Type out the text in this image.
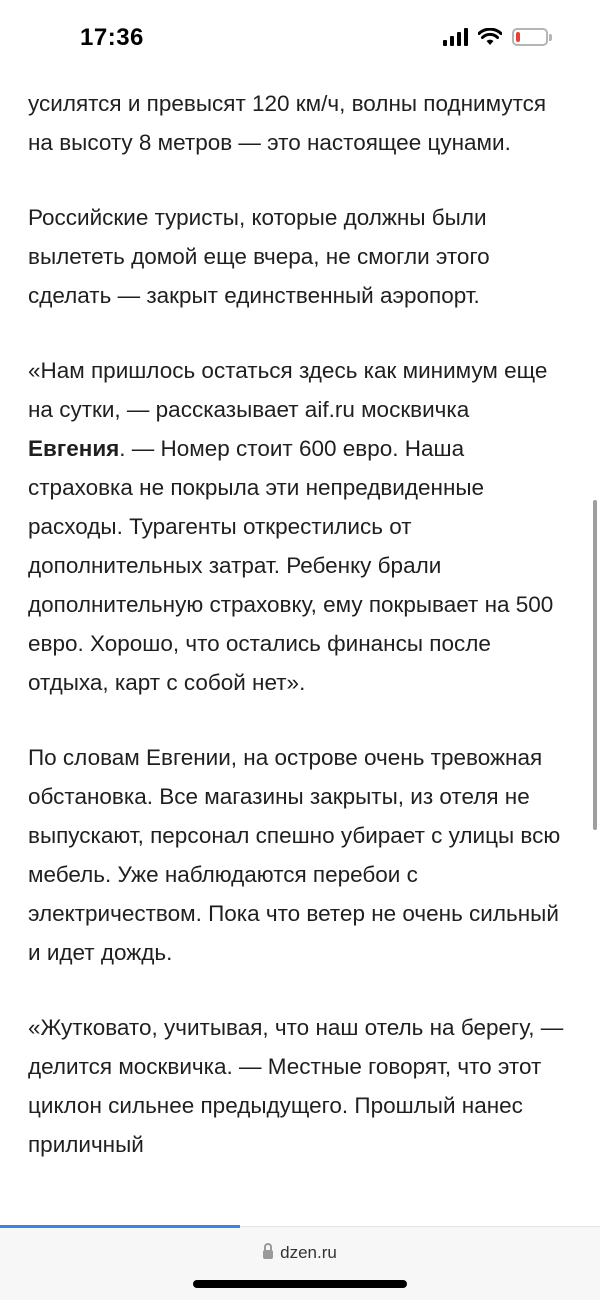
17:36

усилятся и превысят 120 км/ч, волны поднимутся на высоту 8 метров — это настоящее цунами.

Российские туристы, которые должны были вылететь домой еще вчера, не смогли этого сделать — закрыт единственный аэропорт.

«Нам пришлось остаться здесь как минимум еще на сутки, — рассказывает aif.ru москвичка Евгения. — Номер стоит 600 евро. Наша страховка не покрыла эти непредвиденные расходы. Турагенты открестились от дополнительных затрат. Ребенку брали дополнительную страховку, ему покрывает на 500 евро. Хорошо, что остались финансы после отдыха, карт с собой нет».

По словам Евгении, на острове очень тревожная обстановка. Все магазины закрыты, из отеля не выпускают, персонал спешно убирает с улицы всю мебель. Уже наблюдаются перебои с электричеством. Пока что ветер не очень сильный и идет дождь.

«Жутковато, учитывая, что наш отель на берегу, — делится москвичка. — Местные говорят, что этот циклон сильнее предыдущего. Прошлый нанес приличный

dzen.ru
